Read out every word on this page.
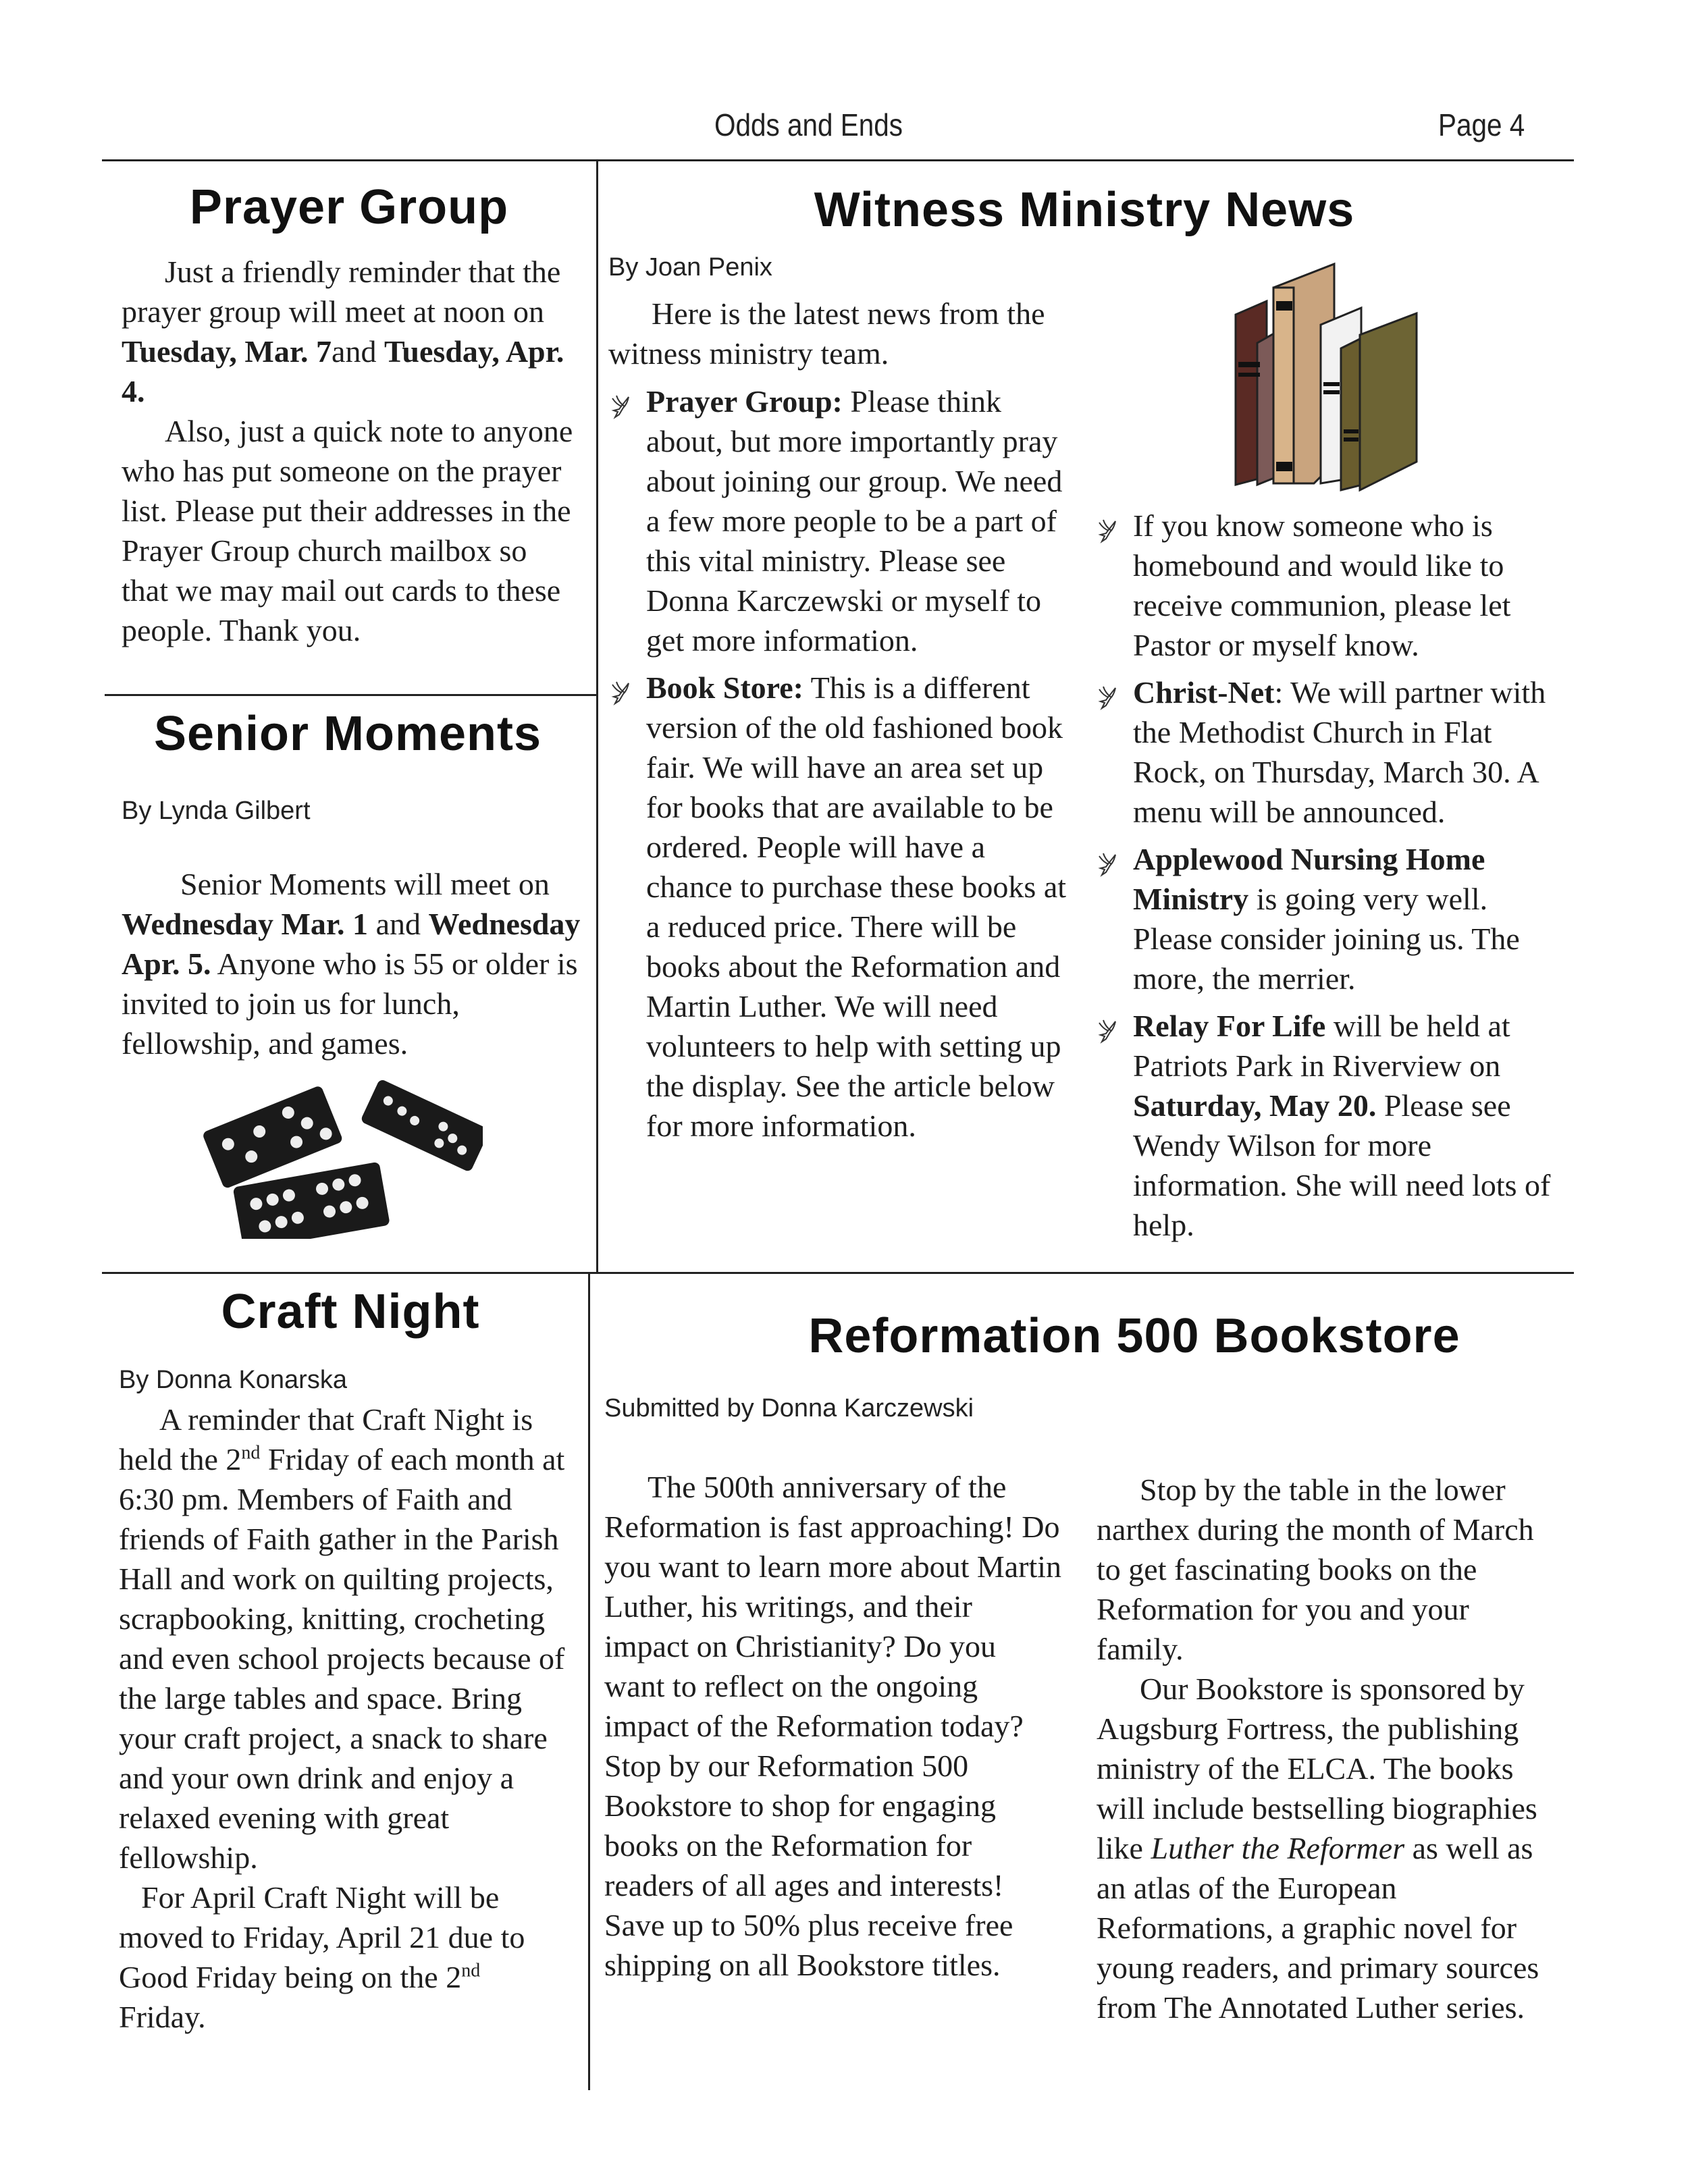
Odds and Ends	Page 4
Prayer Group

Just a friendly reminder that the prayer group will meet at noon on Tuesday, Mar. 7and Tuesday, Apr. 4.

Also, just a quick note to anyone who has put someone on the prayer list. Please put their addresses in the Prayer Group church mailbox so that we may mail out cards to these people. Thank you.

Senior Moments
By Lynda Gilbert

Senior Moments will meet on Wednesday Mar. 1 and Wednesday Apr. 5. Anyone who is 55 or older is invited to join us for lunch, fellowship, and games.

Witness Ministry News
By Joan Penix

Here is the latest news from the witness ministry team.

Prayer Group: Please think about, but more importantly pray about joining our group. We need a few more people to be a part of this vital ministry. Please see Donna Karczewski or myself to get more information.

Book Store: This is a different version of the old fashioned book fair. We will have an area set up for books that are available to be ordered. People will have a chance to purchase these books at a reduced price. There will be books about the Reformation and Martin Luther. We will need volunteers to help with setting up the display. See the article below for more information.

If you know someone who is homebound and would like to receive communion, please let Pastor or myself know.

Christ-Net: We will partner with the Methodist Church in Flat Rock, on Thursday, March 30. A menu will be announced.

Applewood Nursing Home Ministry is going very well. Please consider joining us. The more, the merrier.

Relay For Life will be held at Patriots Park in Riverview on Saturday, May 20. Please see Wendy Wilson for more information. She will need lots of help.

Craft Night
By Donna Konarska

A reminder that Craft Night is held the 2nd Friday of each month at 6:30 pm. Members of Faith and friends of Faith gather in the Parish Hall and work on quilting projects, scrapbooking, knitting, crocheting and even school projects because of the large tables and space. Bring your craft project, a snack to share and your own drink and enjoy a relaxed evening with great fellowship.

For April Craft Night will be moved to Friday, April 21 due to Good Friday being on the 2nd Friday.

Reformation 500 Bookstore
Submitted by Donna Karczewski

The 500th anniversary of the Reformation is fast approaching! Do you want to learn more about Martin Luther, his writings, and their impact on Christianity? Do you want to reflect on the ongoing impact of the Reformation today? Stop by our Reformation 500 Bookstore to shop for engaging books on the Reformation for readers of all ages and interests! Save up to 50% plus receive free shipping on all Bookstore titles.

Stop by the table in the lower narthex during the month of March to get fascinating books on the Reformation for you and your family.

Our Bookstore is sponsored by Augsburg Fortress, the publishing ministry of the ELCA. The books will include bestselling biographies like Luther the Reformer as well as an atlas of the European Reformations, a graphic novel for young readers, and primary sources from The Annotated Luther series.
